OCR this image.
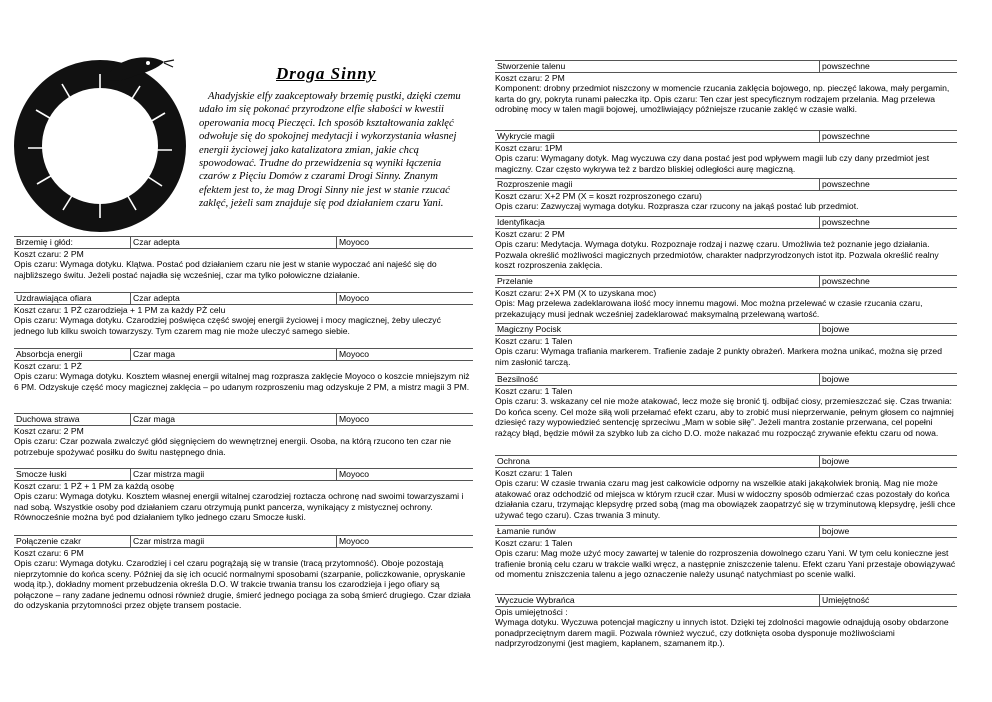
Droga Sinny

Ahadyjskie elfy zaakceptowały brzemię pustki, dzięki czemu udało im się pokonać przyrodzone elfie słabości w kwestii operowania mocą Pieczęci. Ich sposób kształtowania zaklęć odwołuje się do spokojnej medytacji i wykorzystania własnej energii życiowej jako katalizatora zmian, jakie chcą spowodować. Trudne do przewidzenia są wyniki łączenia czarów z Pięciu Domów z czarami Drogi Sinny. Znanym efektem jest to, że mag Drogi Sinny nie jest w stanie rzucać zaklęć, jeżeli sam znajduje się pod działaniem czaru Yani.

Brzemię i głód:	Czar adepta	Moyoco
Koszt czaru: 2 PM
Opis czaru: Wymaga dotyku. Klątwa. Postać pod działaniem czaru nie jest w stanie wypoczać ani najeść się do najbliższego świtu. Jeżeli postać najadła się wcześniej, czar ma tylko połowiczne działanie.
Uzdrawiająca ofiara	Czar adepta	Moyoco
Koszt czaru: 1 PŻ czarodzieja + 1 PM za każdy PŻ celu
Opis czaru: Wymaga dotyku. Czarodziej poświęca część swojej energii życiowej i mocy magicznej, żeby uleczyć jednego lub kilku swoich towarzyszy. Tym czarem mag nie może uleczyć samego siebie.
Absorbcja energii	Czar maga	Moyoco
Koszt czaru: 1 PŻ
Opis czaru: Wymaga dotyku. Kosztem własnej energii witalnej mag rozprasza zaklęcie Moyoco o koszcie mniejszym niż 6 PM. Odzyskuje część mocy magicznej zaklęcia – po udanym rozproszeniu mag odzyskuje 2 PM, a mistrz magii 3 PM.
Duchowa strawa	Czar maga	Moyoco
Koszt czaru: 2 PM
Opis czaru: Czar pozwala zwalczyć głód sięgnięciem do wewnętrznej energii. Osoba, na którą rzucono ten czar nie potrzebuje spożywać posiłku do świtu następnego dnia.
Smocze łuski	Czar mistrza magii	Moyoco
Koszt czaru: 1 PŻ + 1 PM za każdą osobę
Opis czaru: Wymaga dotyku. Kosztem własnej energii witalnej czarodziej roztacza ochronę nad swoimi towarzyszami i nad sobą. Wszystkie osoby pod działaniem czaru otrzymują punkt pancerza, wynikający z mistycznej ochrony. Równocześnie można być pod działaniem tylko jednego czaru Smocze łuski.
Połączenie czakr	Czar mistrza magii	Moyoco
Koszt czaru: 6 PM
Opis czaru: Wymaga dotyku. Czarodziej i cel czaru pogrążają się w transie (tracą przytomność). Oboje pozostają nieprzytomnie do końca sceny. Później da się ich ocucić normalnymi sposobami (szarpanie, policzkowanie, opryskanie wodą itp.), dokładny moment przebudzenia określa D.O. W trakcie trwania transu los czarodzieja i jego ofiary są połączone – rany zadane jednemu odnosi również drugie, śmierć jednego pociąga za sobą śmierć drugiego. Czar działa do odzyskania przytomności przez objęte transem postacie.
Stworzenie talenu	powszechne
Koszt czaru: 2 PM
Komponent: drobny przedmiot niszczony w momencie rzucania zaklęcia bojowego, np. pieczęć lakowa, mały pergamin, karta do gry, pokryta runami pałeczka itp. Opis czaru: Ten czar jest specyficznym rodzajem przelania. Mag przelewa odrobinę mocy w talen magii bojowej, umożliwiający późniejsze rzucanie zaklęć w czasie walki.
Wykrycie magii	powszechne
Koszt czaru: 1PM
Opis czaru: Wymagany dotyk. Mag wyczuwa czy dana postać jest pod wpływem magii lub czy dany przedmiot jest magiczny. Czar często wykrywa też z bardzo bliskiej odległości aurę magiczną.
Rozproszenie magii	powszechne
Koszt czaru: X+2 PM (X = koszt rozproszonego czaru)
Opis czaru: Zazwyczaj wymaga dotyku. Rozprasza czar rzucony na jakąś postać lub przedmiot.
Identyfikacja	powszechne
Koszt czaru: 2 PM
Opis czaru: Medytacja. Wymaga dotyku. Rozpoznaje rodzaj i nazwę czaru. Umożliwia też poznanie jego działania. Pozwala określić możliwości magicznych przedmiotów, charakter nadprzyrodzonych istot itp. Pozwala określić realny koszt rozproszenia zaklęcia.
Przelanie	powszechne
Koszt czaru: 2+X PM (X to uzyskana moc)
Opis: Mag przelewa zadeklarowana ilość mocy innemu magowi. Moc można przelewać w czasie rzucania czaru, przekazujący musi jednak wcześniej zadeklarować maksymalną przelewaną wartość.
Magiczny Pocisk	bojowe
Koszt czaru: 1 Talen
Opis czaru: Wymaga trafiania markerem. Trafienie zadaje 2 punkty obrażeń. Markera można unikać, można się przed nim zasłonić tarczą.
Bezsilność	bojowe
Koszt czaru: 1 Talen
Opis czaru: 3. wskazany cel nie może atakować, lecz może się bronić tj. odbijać ciosy, przemieszczać się. Czas trwania: Do końca sceny. Cel może siłą woli przełamać efekt czaru, aby to zrobić musi nieprzerwanie, pełnym głosem co najmniej dziesięć razy wypowiedzieć sentencję sprzeciwu „Mam w sobie siłę”. Jeżeli mantra zostanie przerwana, cel popełni rażący błąd, będzie mówił za szybko lub za cicho D.O. może nakazać mu rozpocząć zrywanie efektu czaru od nowa.
Ochrona	bojowe
Koszt czaru: 1 Talen
Opis czaru: W czasie trwania czaru mag jest całkowicie odporny na wszelkie ataki jakąkolwiek bronią. Mag nie może atakować oraz odchodzić od miejsca w którym rzucił czar. Musi w widoczny sposób odmierzać czas pozostały do końca działania czaru, trzymając klepsydrę przed sobą (mag ma obowiązek zaopatrzyć się w trzyminutową klepsydrę, jeśli chce używać tego czaru). Czas trwania 3 minuty.
Łamanie runów	bojowe
Koszt czaru: 1 Talen
Opis czaru: Mag może użyć mocy zawartej w talenie do rozproszenia dowolnego czaru Yani. W tym celu konieczne jest trafienie bronią celu czaru w trakcie walki wręcz, a następnie zniszczenie talenu. Efekt czaru Yani przestaje obowiązywać od momentu zniszczenia talenu a jego oznaczenie należy usunąć natychmiast po scenie walki.
Wyczucie Wybrańca	Umiejętność
Opis umiejętności :
Wymaga dotyku. Wyczuwa potencjał magiczny u innych istot. Dzięki tej zdolności magowie odnajdują osoby obdarzone ponadprzeciętnym darem magii. Pozwala również wyczuć, czy dotknięta osoba dysponuje możliwościami nadprzyrodzonymi (jest magiem, kapłanem, szamanem itp.).
